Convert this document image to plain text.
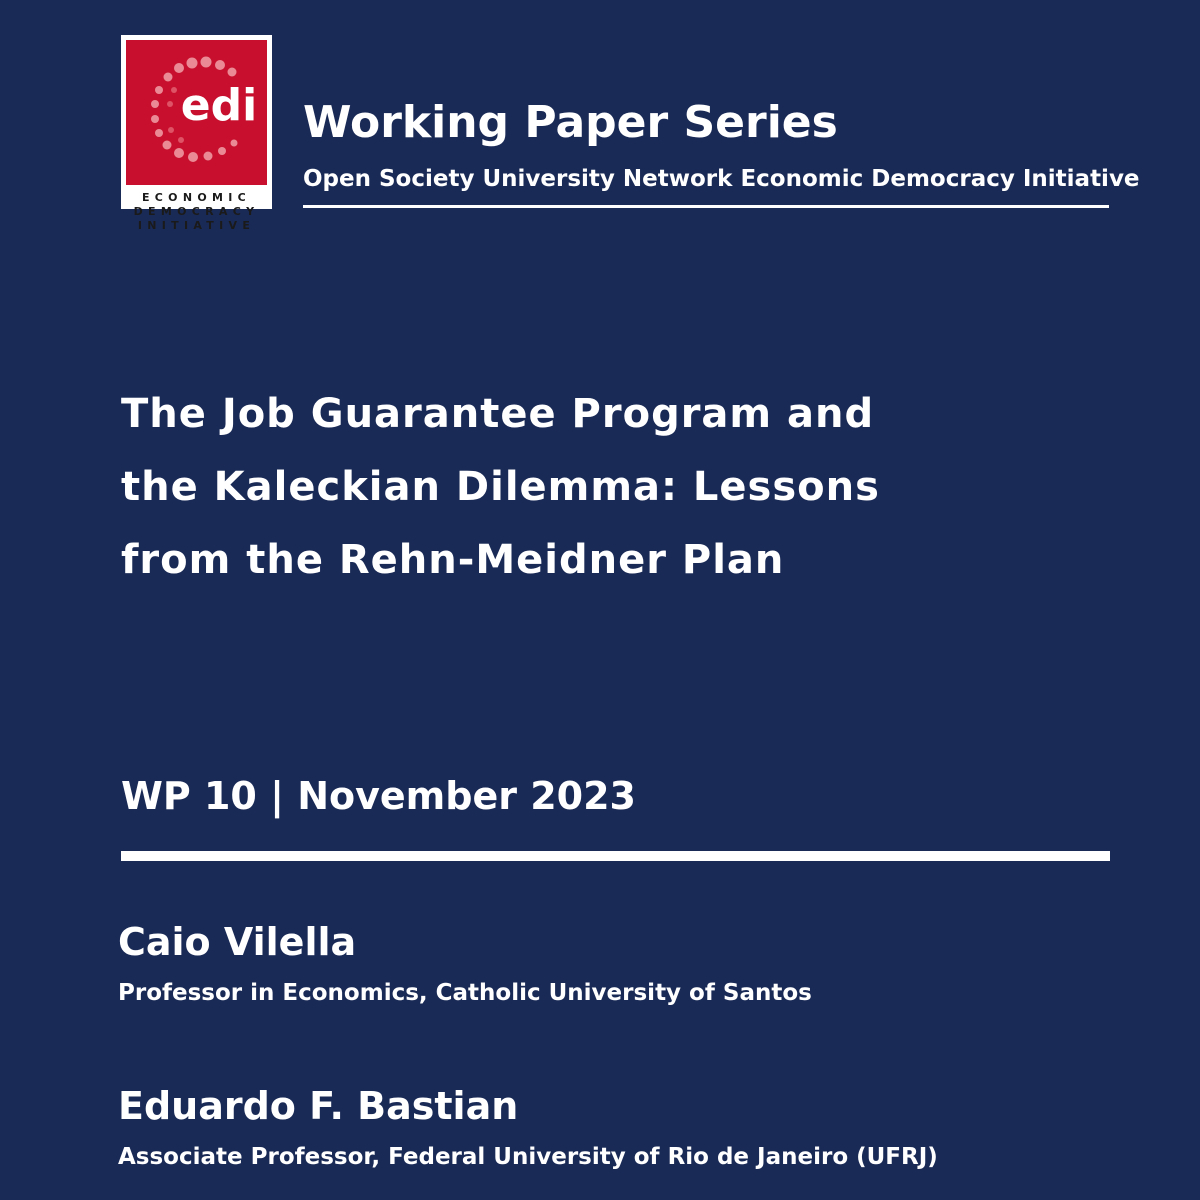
edi
ECONOMIC
DEMOCRACY
INITIATIVE
Working Paper Series
Open Society University Network Economic Democracy Initiative
The Job Guarantee Program and
the Kaleckian Dilemma: Lessons
from the Rehn-Meidner Plan
WP 10 | November 2023
Caio Vilella
Professor in Economics, Catholic University of Santos
Eduardo F. Bastian
Associate Professor, Federal University of Rio de Janeiro (UFRJ)
